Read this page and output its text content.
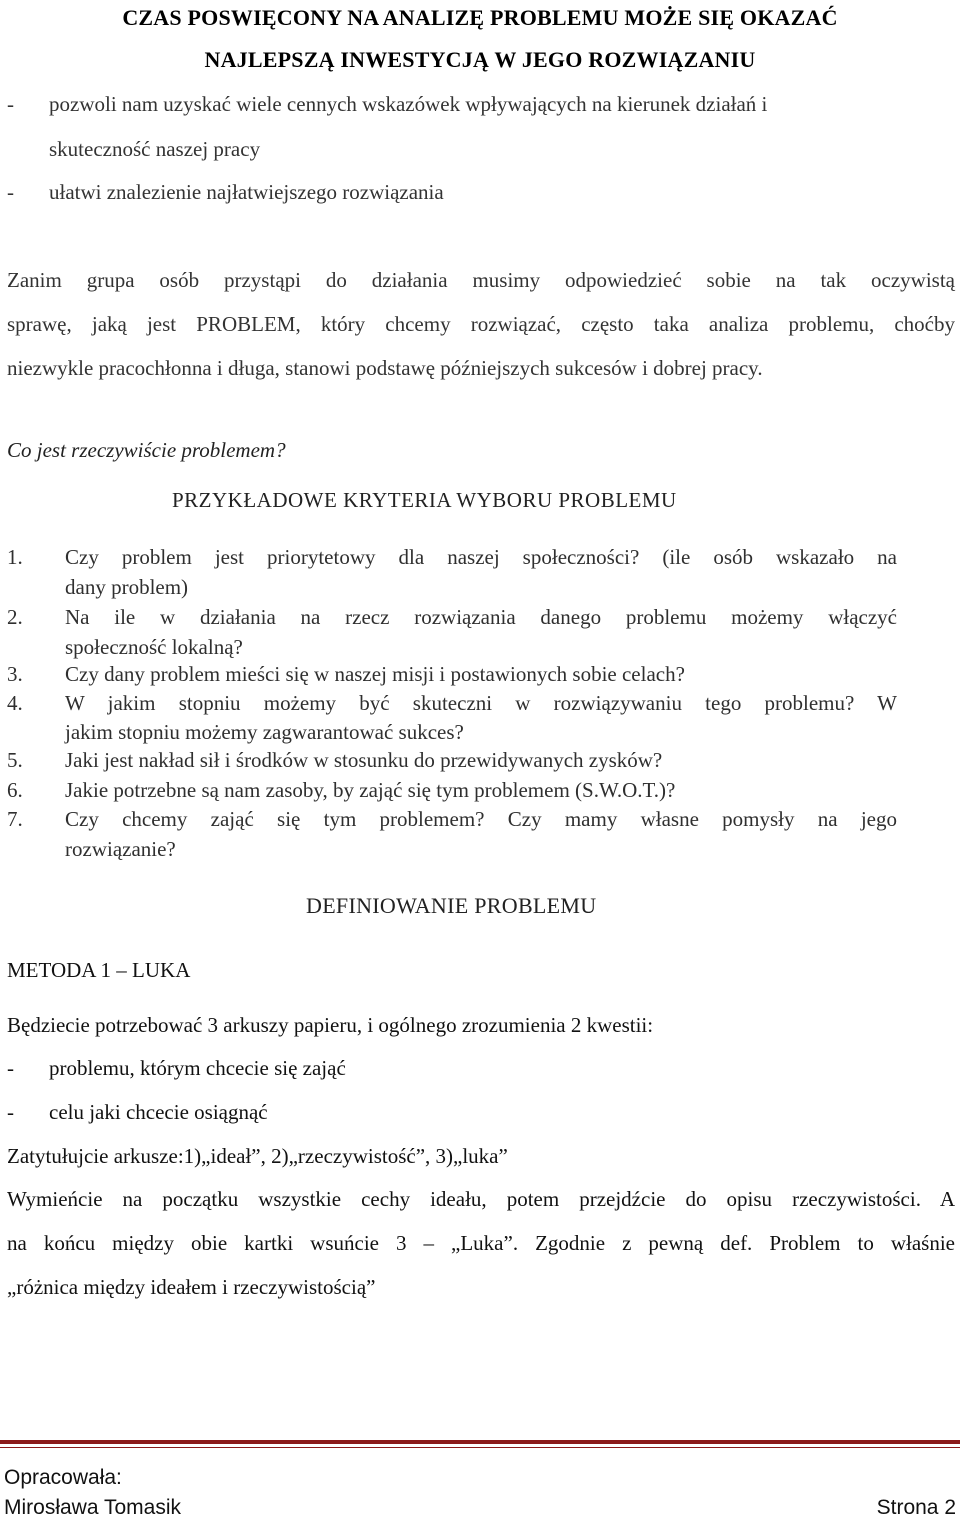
CZAS POSWIĘCONY NA ANALIZĘ PROBLEMU MOŻE SIĘ OKAZAĆ
NAJLEPSZĄ INWESTYCJĄ W JEGO ROZWIĄZANIU
- pozwoli nam uzyskać wiele cennych wskazówek wpływających na kierunek działań i
skuteczność naszej pracy
- ułatwi znalezienie najłatwiejszego rozwiązania
Zanim grupa osób przystąpi do działania musimy odpowiedzieć sobie na tak oczywistą
sprawę, jaką jest PROBLEM, który chcemy rozwiązać, często taka analiza problemu, choćby
niezwykle pracochłonna i długa, stanowi podstawę późniejszych sukcesów i dobrej pracy.
Co jest rzeczywiście problemem?
PRZYKŁADOWE KRYTERIA WYBORU PROBLEMU
1. Czy problem jest priorytetowy dla naszej społeczności? (ile osób wskazało na
dany problem)
2. Na ile w działania na rzecz rozwiązania danego problemu możemy włączyć
społeczność lokalną?
3. Czy dany problem mieści się w naszej misji i postawionych sobie celach?
4. W jakim stopniu możemy być skuteczni w rozwiązywaniu tego problemu? W
jakim stopniu możemy zagwarantować sukces?
5. Jaki jest nakład sił i środków w stosunku do przewidywanych zysków?
6. Jakie potrzebne są nam zasoby, by zająć się tym problemem (S.W.O.T.)?
7. Czy chcemy zająć się tym problemem? Czy mamy własne pomysły na jego
rozwiązanie?
DEFINIOWANIE PROBLEMU
METODA 1 – LUKA
Będziecie potrzebować 3 arkuszy papieru, i ogólnego zrozumienia 2 kwestii:
- problemu, którym chcecie się zająć
- celu jaki chcecie osiągnąć
Zatytułujcie arkusze:1)„ideał”, 2)„rzeczywistość”, 3)„luka”
Wymieńcie na początku wszystkie cechy ideału, potem przejdźcie do opisu rzeczywistości. A
na końcu między obie kartki wsuńcie 3 – „Luka”. Zgodnie z pewną def. Problem to właśnie
„różnica między ideałem i rzeczywistością”
Opracowała:
Mirosława Tomasik	Strona 2
